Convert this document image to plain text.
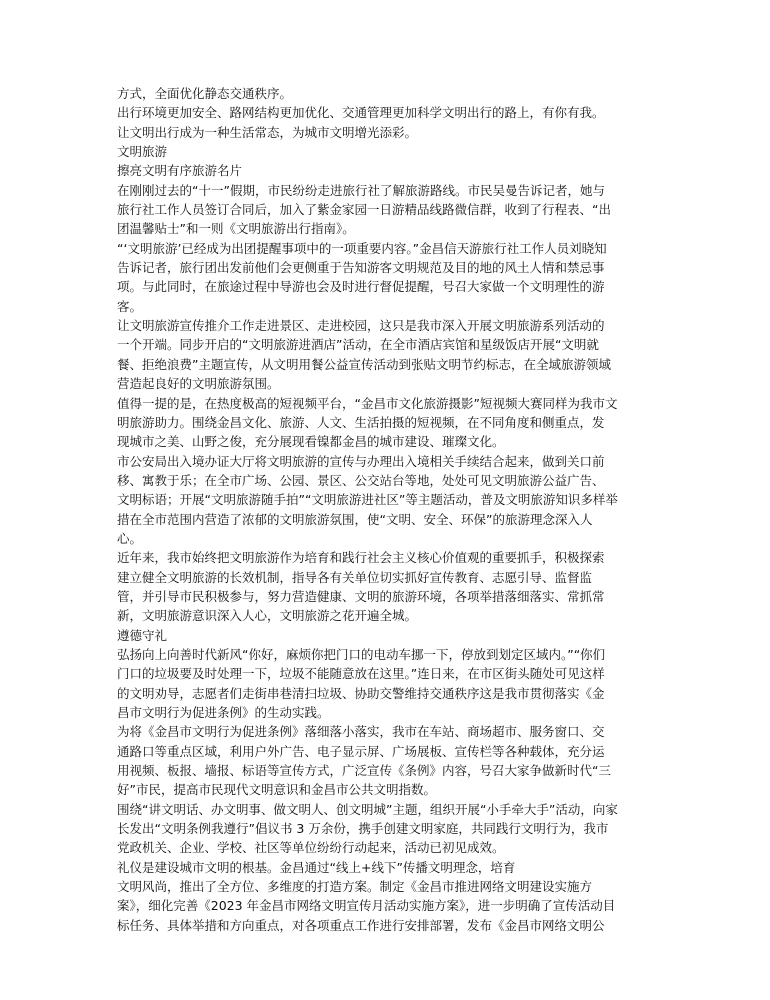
方式，全面优化静态交通秩序。
出行环境更加安全、路网结构更加优化、交通管理更加科学文明出行的路上，有你有我。
让文明出行成为一种生活常态，为城市文明增光添彩。
文明旅游
擦亮文明有序旅游名片
在刚刚过去的“十一”假期，市民纷纷走进旅行社了解旅游路线。市民吴曼告诉记者，她与
旅行社工作人员签订合同后，加入了紫金家园一日游精品线路微信群，收到了行程表、“出
团温馨贴士”和一则《文明旅游出行指南》。
“‘文明旅游’已经成为出团提醒事项中的一项重要内容。”金昌信天游旅行社工作人员刘晓知
告诉记者，旅行团出发前他们会更侧重于告知游客文明规范及目的地的风土人情和禁忌事
项。与此同时，在旅途过程中导游也会及时进行督促提醒，号召大家做一个文明理性的游
客。
让文明旅游宣传推介工作走进景区、走进校园，这只是我市深入开展文明旅游系列活动的
一个开端。同步开启的“文明旅游进酒店”活动，在全市酒店宾馆和星级饭店开展“文明就
餐、拒绝浪费”主题宣传，从文明用餐公益宣传活动到张贴文明节约标志，在全域旅游领域
营造起良好的文明旅游氛围。
值得一提的是，在热度极高的短视频平台，“金昌市文化旅游摄影”短视频大赛同样为我市文
明旅游助力。围绕金昌文化、旅游、人文、生活拍摄的短视频，在不同角度和侧重点，发
现城市之美、山野之俊，充分展现看镍都金昌的城市建设、璀璨文化。
市公安局出入境办证大厅将文明旅游的宣传与办理出入境相关手续结合起来，做到关口前
移、寓教于乐；在全市广场、公园、景区、公交站台等地，处处可见文明旅游公益广告、
文明标语；开展“文明旅游随手拍”“文明旅游进社区”等主题活动，普及文明旅游知识多样举
措在全市范围内营造了浓郁的文明旅游氛围，使“文明、安全、环保”的旅游理念深入人
心。
近年来，我市始终把文明旅游作为培育和践行社会主义核心价值观的重要抓手，积极探索
建立健全文明旅游的长效机制，指导各有关单位切实抓好宣传教育、志愿引导、监督监
管，并引导市民积极参与，努力营造健康、文明的旅游环境，各项举措落细落实、常抓常
新，文明旅游意识深入人心，文明旅游之花开遍全城。
遵德守礼
弘扬向上向善时代新风“你好，麻烦你把门口的电动车挪一下，停放到划定区域内。”“你们
门口的垃圾要及时处理一下，垃圾不能随意放在这里。”连日来，在市区街头随处可见这样
的文明劝导，志愿者们走街串巷清扫垃圾、协助交警维持交通秩序这是我市贯彻落实《金
昌市文明行为促进条例》的生动实践。
为将《金昌市文明行为促进条例》落细落小落实，我市在车站、商场超市、服务窗口、交
通路口等重点区域，利用户外广告、电子显示屏、广场展板、宣传栏等各种载体，充分运
用视频、板报、墙报、标语等宣传方式，广泛宣传《条例》内容，号召大家争做新时代“三
好”市民，提高市民现代文明意识和金昌市公共文明指数。
围绕“讲文明话、办文明事、做文明人、创文明城”主题，组织开展“小手牵大手”活动，向家
长发出“文明条例我遵行”倡议书 3 万余份，携手创建文明家庭，共同践行文明行为，我市
党政机关、企业、学校、社区等单位纷纷行动起来，活动已初见成效。
礼仪是建设城市文明的根基。金昌通过“线上+线下”传播文明理念，培育
文明风尚，推出了全方位、多维度的打造方案。制定《金昌市推进网络文明建设实施方
案》，细化完善《2023 年金昌市网络文明宣传月活动实施方案》，进一步明确了宣传活动目
标任务、具体举措和方向重点，对各项重点工作进行安排部署，发布《金昌市网络文明公
